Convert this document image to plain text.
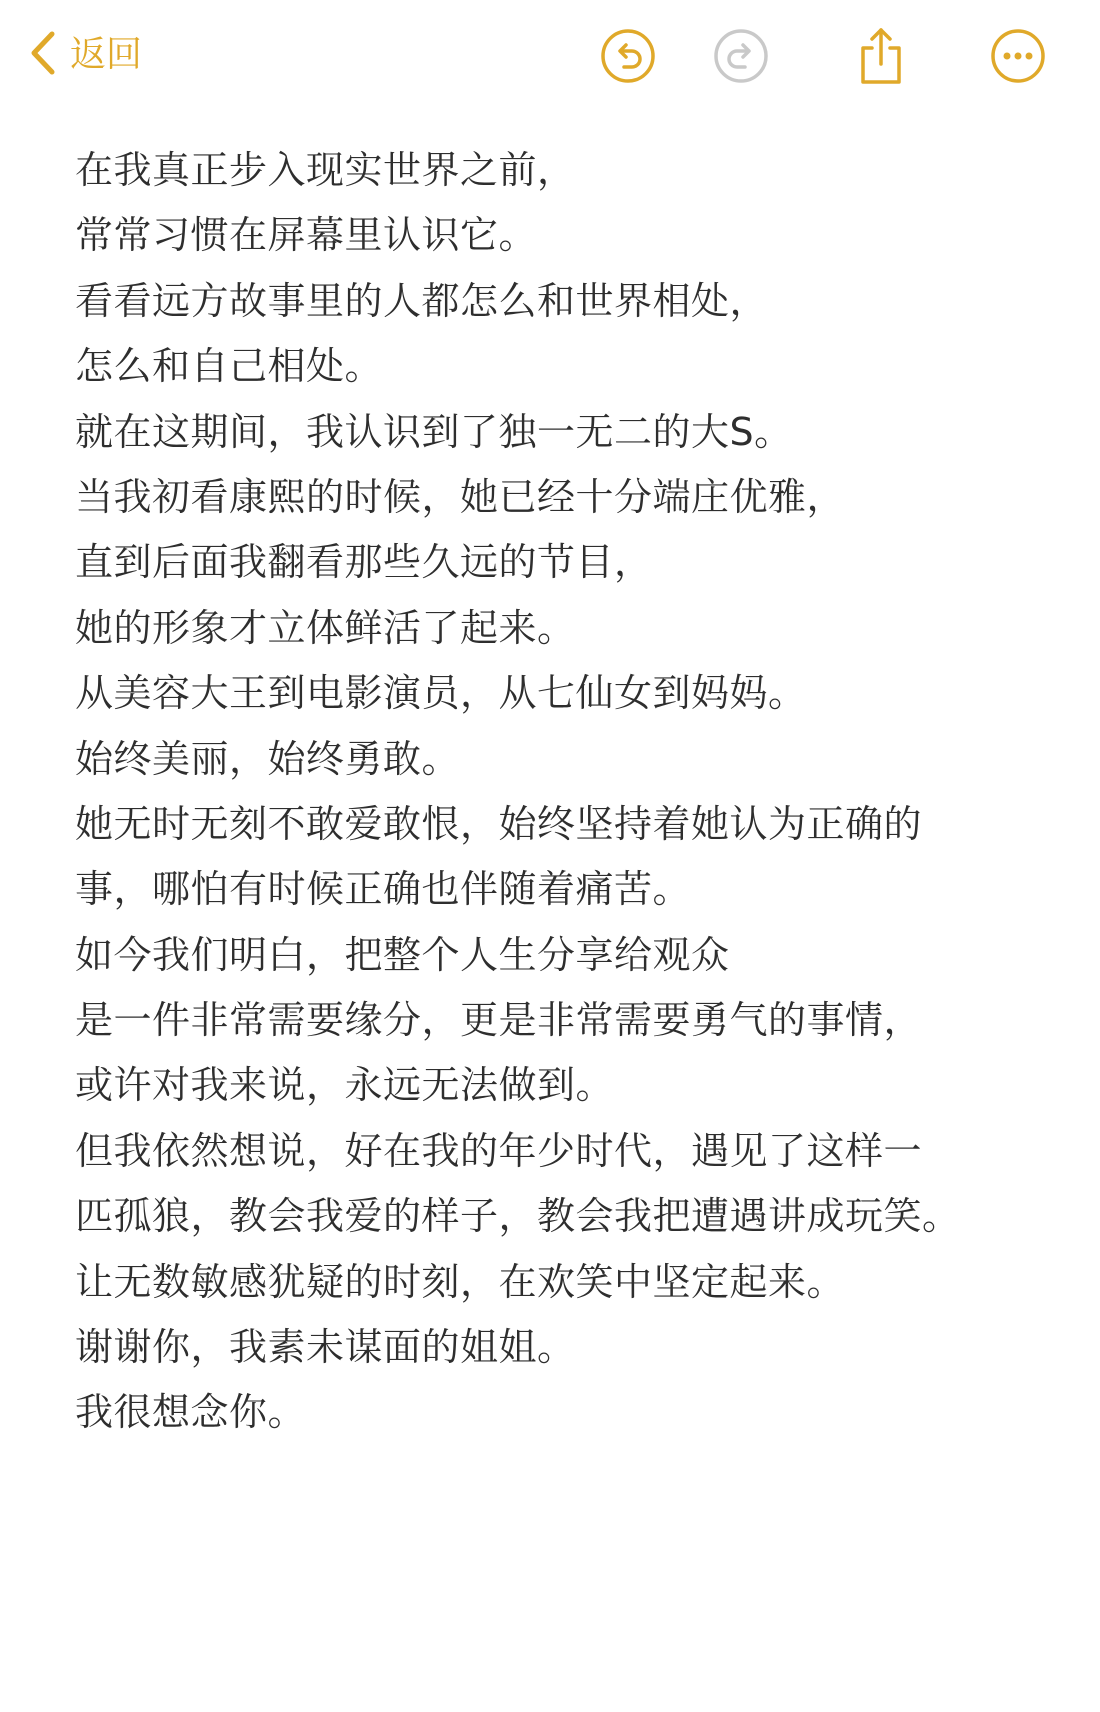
返回
在我真正步入现实世界之前，
常常习惯在屏幕里认识它。
看看远方故事里的人都怎么和世界相处，
怎么和自己相处。
就在这期间，我认识到了独一无二的大S。
当我初看康熙的时候，她已经十分端庄优雅，
直到后面我翻看那些久远的节目，
她的形象才立体鲜活了起来。
从美容大王到电影演员，从七仙女到妈妈。
始终美丽，始终勇敢。
她无时无刻不敢爱敢恨，始终坚持着她认为正确的
事，哪怕有时候正确也伴随着痛苦。
如今我们明白，把整个人生分享给观众
是一件非常需要缘分，更是非常需要勇气的事情，
或许对我来说，永远无法做到。
但我依然想说，好在我的年少时代，遇见了这样一
匹孤狼，教会我爱的样子，教会我把遭遇讲成玩笑。
让无数敏感犹疑的时刻，在欢笑中坚定起来。
谢谢你，我素未谋面的姐姐。
我很想念你。
